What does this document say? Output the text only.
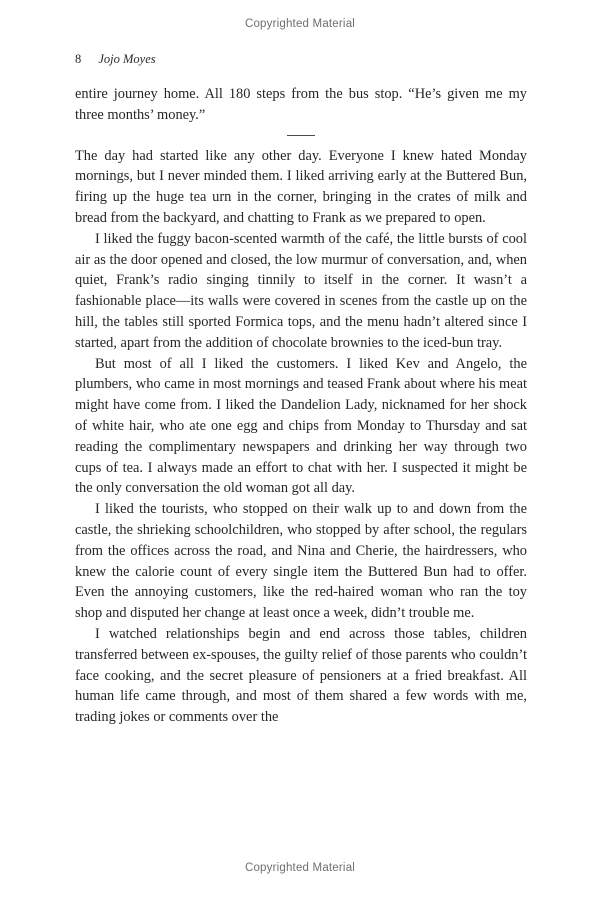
Copyrighted Material
8 Jojo Moyes

entire journey home. All 180 steps from the bus stop. “He’s given me my three months’ money.”

The day had started like any other day. Everyone I knew hated Monday mornings, but I never minded them. I liked arriving early at the Buttered Bun, firing up the huge tea urn in the corner, bringing in the crates of milk and bread from the backyard, and chatting to Frank as we prepared to open.

I liked the fuggy bacon-scented warmth of the café, the little bursts of cool air as the door opened and closed, the low murmur of conversation, and, when quiet, Frank’s radio singing tinnily to itself in the corner. It wasn’t a fashionable place—its walls were covered in scenes from the castle up on the hill, the tables still sported Formica tops, and the menu hadn’t altered since I started, apart from the addition of chocolate brownies to the iced-bun tray.

But most of all I liked the customers. I liked Kev and Angelo, the plumbers, who came in most mornings and teased Frank about where his meat might have come from. I liked the Dandelion Lady, nicknamed for her shock of white hair, who ate one egg and chips from Monday to Thursday and sat reading the complimentary newspapers and drinking her way through two cups of tea. I always made an effort to chat with her. I suspected it might be the only conversation the old woman got all day.

I liked the tourists, who stopped on their walk up to and down from the castle, the shrieking schoolchildren, who stopped by after school, the regulars from the offices across the road, and Nina and Cherie, the hairdressers, who knew the calorie count of every single item the Buttered Bun had to offer. Even the annoying customers, like the red-haired woman who ran the toy shop and disputed her change at least once a week, didn’t trouble me.

I watched relationships begin and end across those tables, children transferred between ex-spouses, the guilty relief of those parents who couldn’t face cooking, and the secret pleasure of pensioners at a fried breakfast. All human life came through, and most of them shared a few words with me, trading jokes or comments over the

Copyrighted Material
